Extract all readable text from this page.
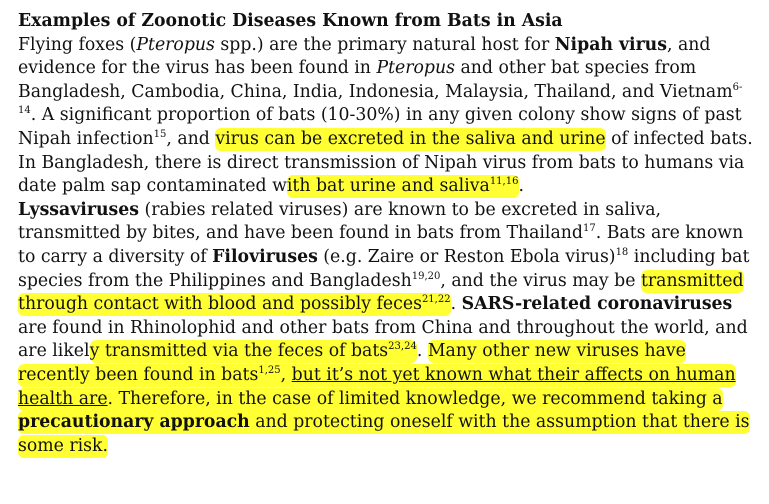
Examples of Zoonotic Diseases Known from Bats in Asia

Flying foxes (Pteropus spp.) are the primary natural host for Nipah virus, and evidence for the virus has been found in Pteropus and other bat species from Bangladesh, Cambodia, China, India, Indonesia, Malaysia, Thailand, and Vietnam$^{6-14}$. A significant proportion of bats (10-30%) in any given colony show signs of past Nipah infection$^{15}$, and virus can be excreted in the saliva and urine of infected bats. In Bangladesh, there is direct transmission of Nipah virus from bats to humans via date palm sap contaminated with bat urine and saliva$^{11,16}$.
Lyssaviruses (rabies related viruses) are known to be excreted in saliva, transmitted by bites, and have been found in bats from Thailand$^{17}$. Bats are known to carry a diversity of Filoviruses (e.g. Zaire or Reston Ebola virus)$^{18}$ including bat species from the Philippines and Bangladesh$^{19,20}$, and the virus may be transmitted through contact with blood and possibly feces$^{21,22}$. SARS-related coronaviruses are found in Rhinolophid and other bats from China and throughout the world, and are likely transmitted via the feces of bats$^{23,24}$. Many other new viruses have recently been found in bats$^{1,25}$, but it’s not yet known what their affects on human health are. Therefore, in the case of limited knowledge, we recommend taking a precautionary approach and protecting oneself with the assumption that there is some risk.
